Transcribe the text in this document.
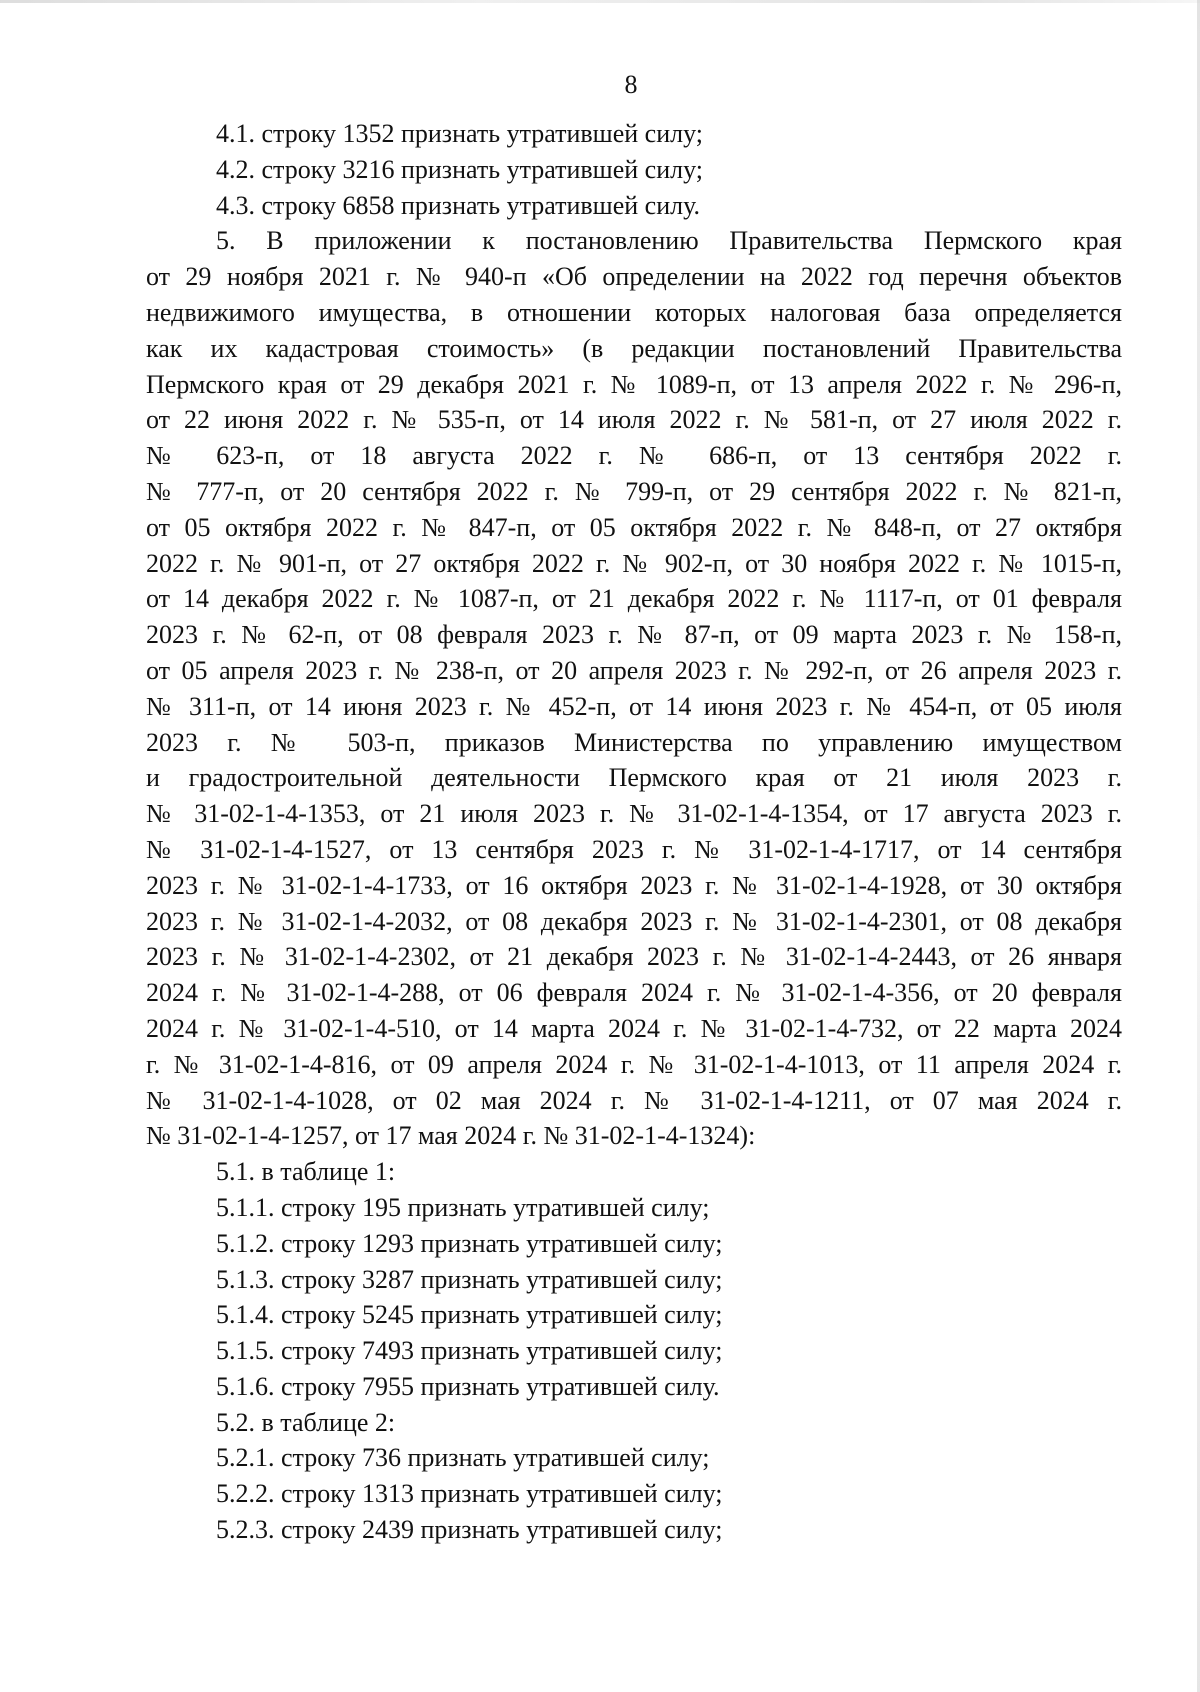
8
4.1. строку 1352 признать утратившей силу;
4.2. строку 3216 признать утратившей силу;
4.3. строку 6858 признать утратившей силу.
5. В приложении к постановлению Правительства Пермского края
от 29 ноября 2021 г. № 940-п «Об определении на 2022 год перечня объектов
недвижимого имущества, в отношении которых налоговая база определяется
как их кадастровая стоимость» (в редакции постановлений Правительства
Пермского края от 29 декабря 2021 г. № 1089-п, от 13 апреля 2022 г. № 296-п,
от 22 июня 2022 г. № 535-п, от 14 июля 2022 г. № 581-п, от 27 июля 2022 г.
№ 623-п, от 18 августа 2022 г. № 686-п, от 13 сентября 2022 г.
№ 777-п, от 20 сентября 2022 г. № 799-п, от 29 сентября 2022 г. № 821-п,
от 05 октября 2022 г. № 847-п, от 05 октября 2022 г. № 848-п, от 27 октября
2022 г. № 901-п, от 27 октября 2022 г. № 902-п, от 30 ноября 2022 г. № 1015-п,
от 14 декабря 2022 г. № 1087-п, от 21 декабря 2022 г. № 1117-п, от 01 февраля
2023 г. № 62-п, от 08 февраля 2023 г. № 87-п, от 09 марта 2023 г. № 158-п,
от 05 апреля 2023 г. № 238-п, от 20 апреля 2023 г. № 292-п, от 26 апреля 2023 г.
№ 311-п, от 14 июня 2023 г. № 452-п, от 14 июня 2023 г. № 454-п, от 05 июля
2023 г. № 503-п, приказов Министерства по управлению имуществом
и градостроительной деятельности Пермского края от 21 июля 2023 г.
№ 31-02-1-4-1353, от 21 июля 2023 г. № 31-02-1-4-1354, от 17 августа 2023 г.
№ 31-02-1-4-1527, от 13 сентября 2023 г. № 31-02-1-4-1717, от 14 сентября
2023 г. № 31-02-1-4-1733, от 16 октября 2023 г. № 31-02-1-4-1928, от 30 октября
2023 г. № 31-02-1-4-2032, от 08 декабря 2023 г. № 31-02-1-4-2301, от 08 декабря
2023 г. № 31-02-1-4-2302, от 21 декабря 2023 г. № 31-02-1-4-2443, от 26 января
2024 г. № 31-02-1-4-288, от 06 февраля 2024 г. № 31-02-1-4-356, от 20 февраля
2024 г. № 31-02-1-4-510, от 14 марта 2024 г. № 31-02-1-4-732, от 22 марта 2024
г. № 31-02-1-4-816, от 09 апреля 2024 г. № 31-02-1-4-1013, от 11 апреля 2024 г.
№ 31-02-1-4-1028, от 02 мая 2024 г. № 31-02-1-4-1211, от 07 мая 2024 г.
№ 31-02-1-4-1257, от 17 мая 2024 г. № 31-02-1-4-1324):
5.1. в таблице 1:
5.1.1. строку 195 признать утратившей силу;
5.1.2. строку 1293 признать утратившей силу;
5.1.3. строку 3287 признать утратившей силу;
5.1.4. строку 5245 признать утратившей силу;
5.1.5. строку 7493 признать утратившей силу;
5.1.6. строку 7955 признать утратившей силу.
5.2. в таблице 2:
5.2.1. строку 736 признать утратившей силу;
5.2.2. строку 1313 признать утратившей силу;
5.2.3. строку 2439 признать утратившей силу;
